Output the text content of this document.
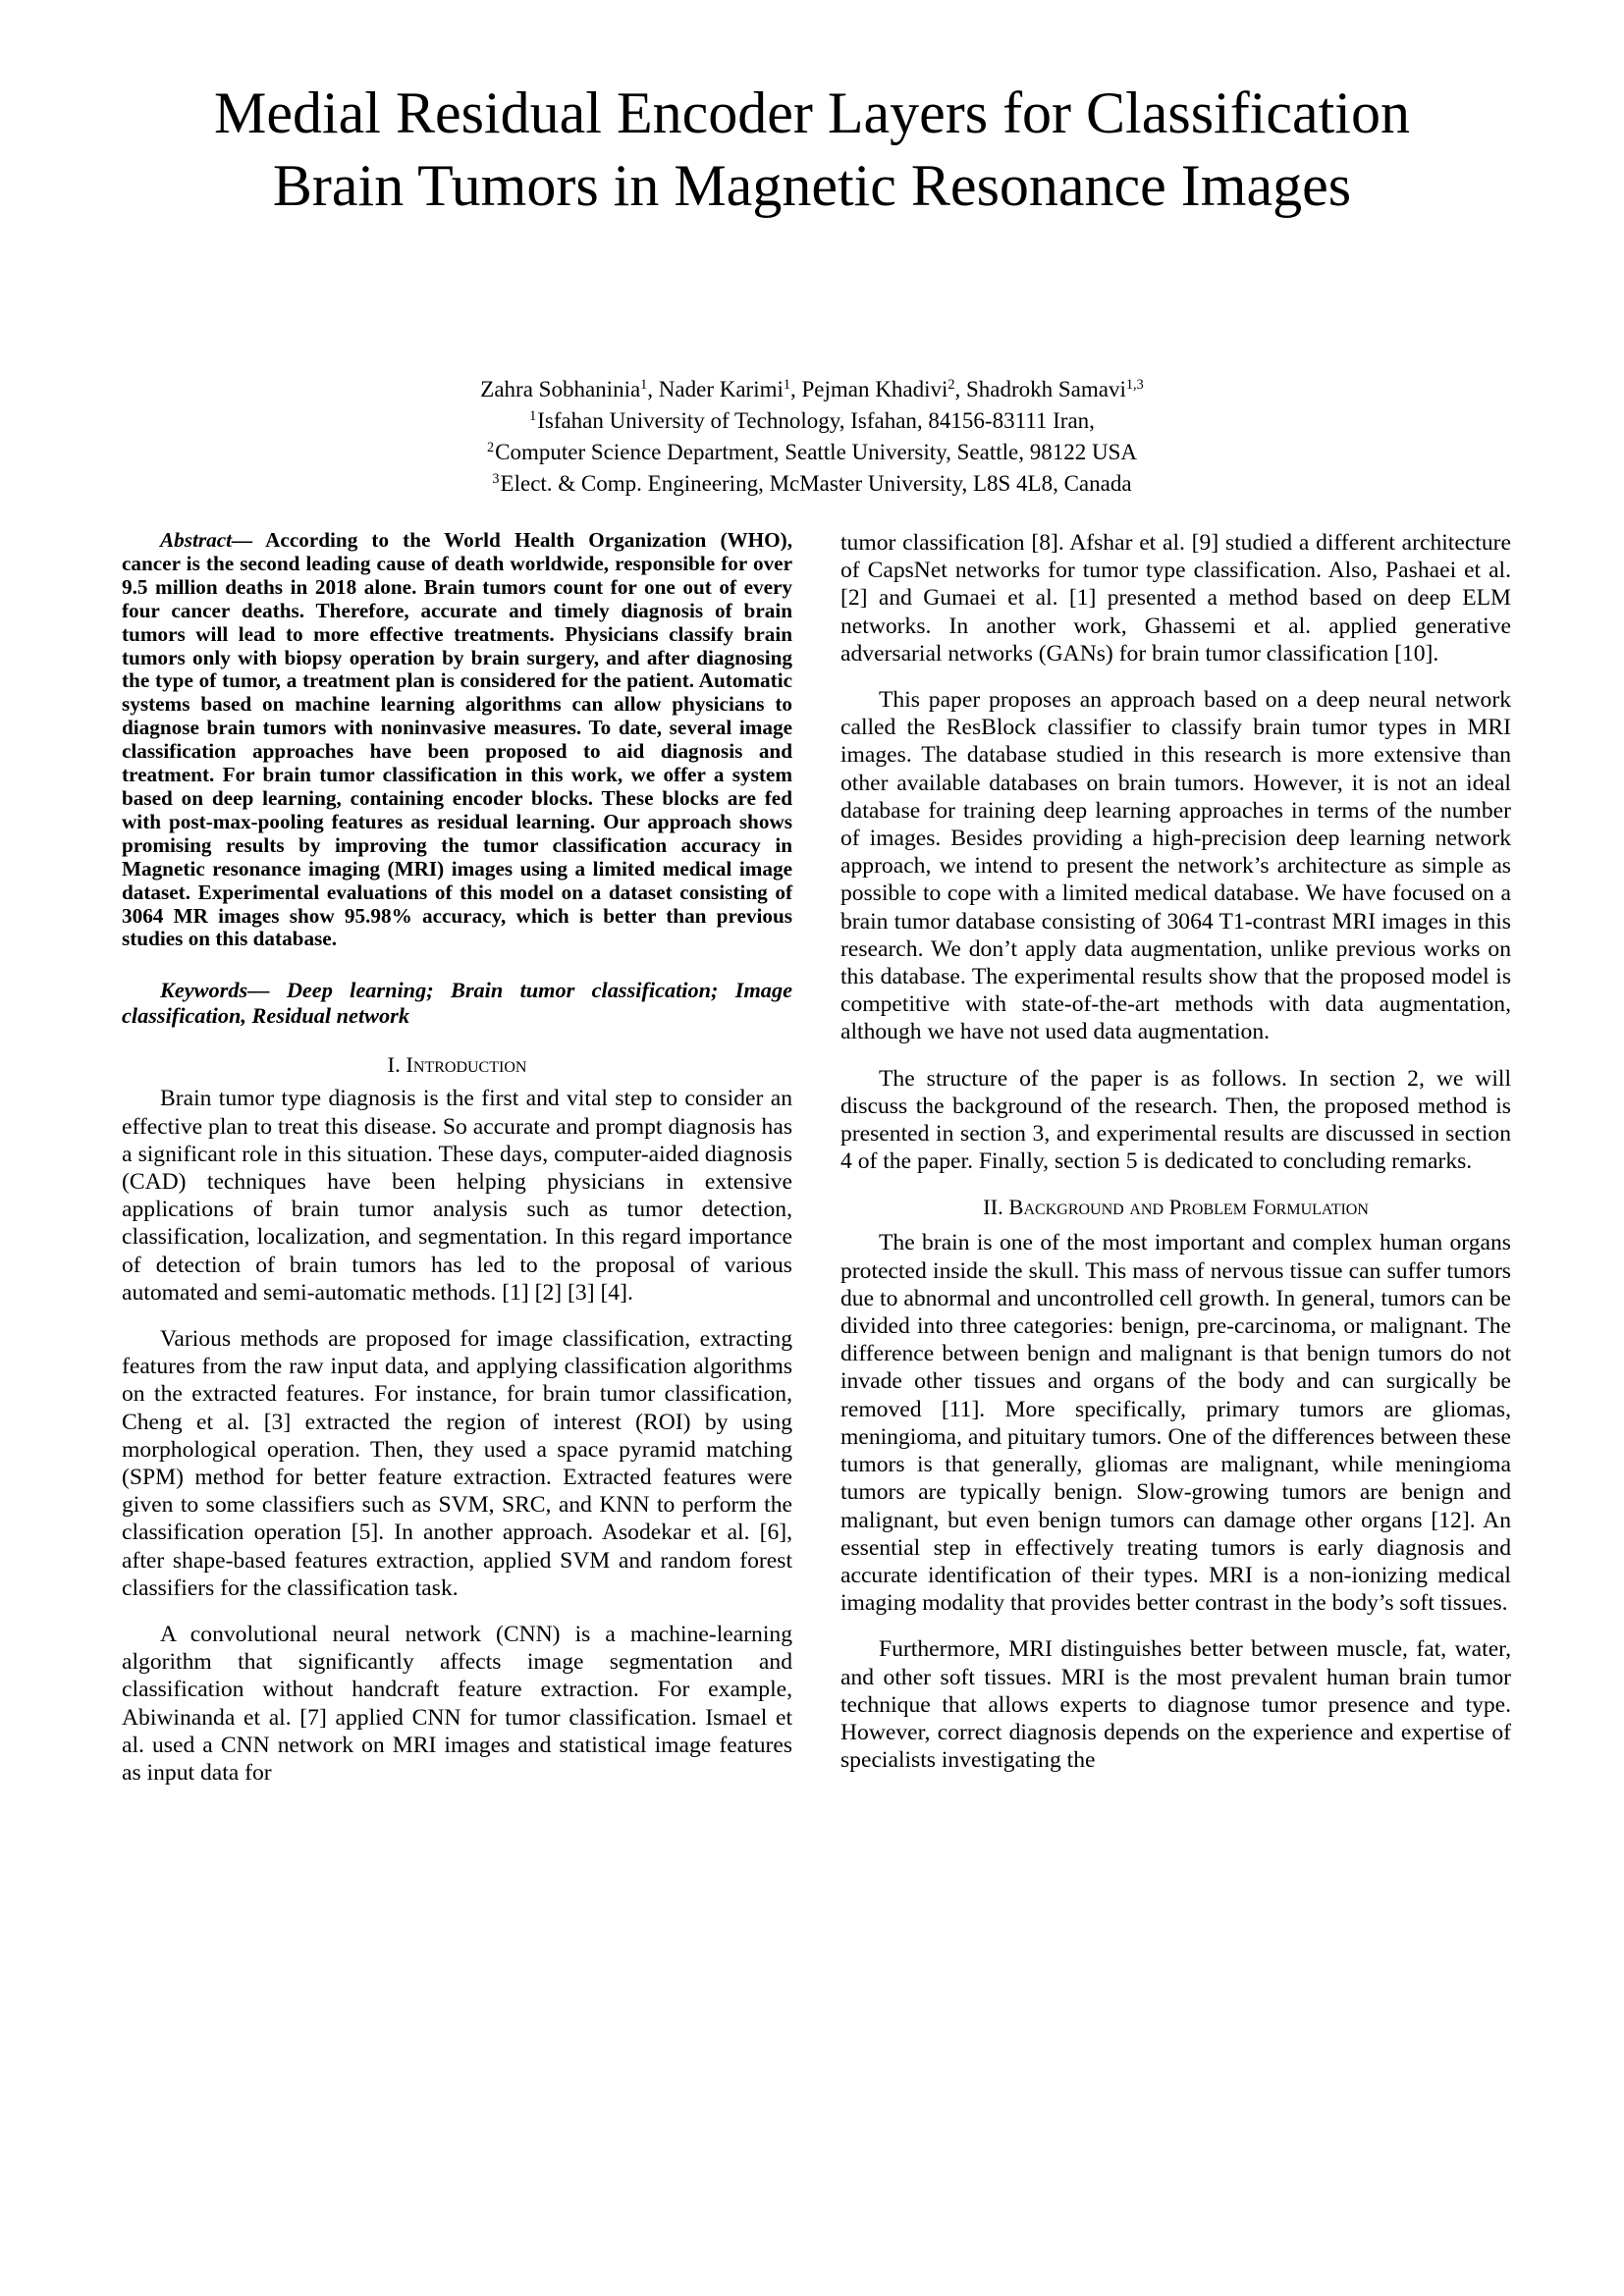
Medial Residual Encoder Layers for Classification
Brain Tumors in Magnetic Resonance Images
Zahra Sobhaninia$^1$, Nader Karimi$^1$, Pejman Khadivi$^2$, Shadrokh Samavi$^{1,3}$
$^1$Isfahan University of Technology, Isfahan, 84156-83111 Iran,
$^2$Computer Science Department, Seattle University, Seattle, 98122 USA
$^3$Elect. & Comp. Engineering, McMaster University, L8S 4L8, Canada

Abstract— According to the World Health Organization (WHO), cancer is the second leading cause of death worldwide, responsible for over 9.5 million deaths in 2018 alone. Brain tumors count for one out of every four cancer deaths. Therefore, accurate and timely diagnosis of brain tumors will lead to more effective treatments. Physicians classify brain tumors only with biopsy operation by brain surgery, and after diagnosing the type of tumor, a treatment plan is considered for the patient. Automatic systems based on machine learning algorithms can allow physicians to diagnose brain tumors with noninvasive measures. To date, several image classification approaches have been proposed to aid diagnosis and treatment. For brain tumor classification in this work, we offer a system based on deep learning, containing encoder blocks. These blocks are fed with post-max-pooling features as residual learning. Our approach shows promising results by improving the tumor classification accuracy in Magnetic resonance imaging (MRI) images using a limited medical image dataset. Experimental evaluations of this model on a dataset consisting of 3064 MR images show 95.98% accuracy, which is better than previous studies on this database.

Keywords— Deep learning; Brain tumor classification; Image classification, Residual network

I. Introduction

Brain tumor type diagnosis is the first and vital step to consider an effective plan to treat this disease. So accurate and prompt diagnosis has a significant role in this situation. These days, computer-aided diagnosis (CAD) techniques have been helping physicians in extensive applications of brain tumor analysis such as tumor detection, classification, localization, and segmentation. In this regard importance of detection of brain tumors has led to the proposal of various automated and semi-automatic methods. [1] [2] [3] [4].

Various methods are proposed for image classification, extracting features from the raw input data, and applying classification algorithms on the extracted features. For instance, for brain tumor classification, Cheng et al. [3] extracted the region of interest (ROI) by using morphological operation. Then, they used a space pyramid matching (SPM) method for better feature extraction. Extracted features were given to some classifiers such as SVM, SRC, and KNN to perform the classification operation [5]. In another approach. Asodekar et al. [6], after shape-based features extraction, applied SVM and random forest classifiers for the classification task.

A convolutional neural network (CNN) is a machine-learning algorithm that significantly affects image segmentation and classification without handcraft feature extraction. For example, Abiwinanda et al. [7] applied CNN for tumor classification. Ismael et al. used a CNN network on MRI images and statistical image features as input data for

tumor classification [8]. Afshar et al. [9] studied a different architecture of CapsNet networks for tumor type classification. Also, Pashaei et al. [2] and Gumaei et al. [1] presented a method based on deep ELM networks. In another work, Ghassemi et al. applied generative adversarial networks (GANs) for brain tumor classification [10].

This paper proposes an approach based on a deep neural network called the ResBlock classifier to classify brain tumor types in MRI images. The database studied in this research is more extensive than other available databases on brain tumors. However, it is not an ideal database for training deep learning approaches in terms of the number of images. Besides providing a high-precision deep learning network approach, we intend to present the network’s architecture as simple as possible to cope with a limited medical database. We have focused on a brain tumor database consisting of 3064 T1-contrast MRI images in this research. We don’t apply data augmentation, unlike previous works on this database. The experimental results show that the proposed model is competitive with state-of-the-art methods with data augmentation, although we have not used data augmentation.

The structure of the paper is as follows. In section 2, we will discuss the background of the research. Then, the proposed method is presented in section 3, and experimental results are discussed in section 4 of the paper. Finally, section 5 is dedicated to concluding remarks.

II. Background and Problem Formulation

The brain is one of the most important and complex human organs protected inside the skull. This mass of nervous tissue can suffer tumors due to abnormal and uncontrolled cell growth. In general, tumors can be divided into three categories: benign, pre-carcinoma, or malignant. The difference between benign and malignant is that benign tumors do not invade other tissues and organs of the body and can surgically be removed [11]. More specifically, primary tumors are gliomas, meningioma, and pituitary tumors. One of the differences between these tumors is that generally, gliomas are malignant, while meningioma tumors are typically benign. Slow-growing tumors are benign and malignant, but even benign tumors can damage other organs [12]. An essential step in effectively treating tumors is early diagnosis and accurate identification of their types. MRI is a non-ionizing medical imaging modality that provides better contrast in the body’s soft tissues.

Furthermore, MRI distinguishes better between muscle, fat, water, and other soft tissues. MRI is the most prevalent human brain tumor technique that allows experts to diagnose tumor presence and type. However, correct diagnosis depends on the experience and expertise of specialists investigating the
